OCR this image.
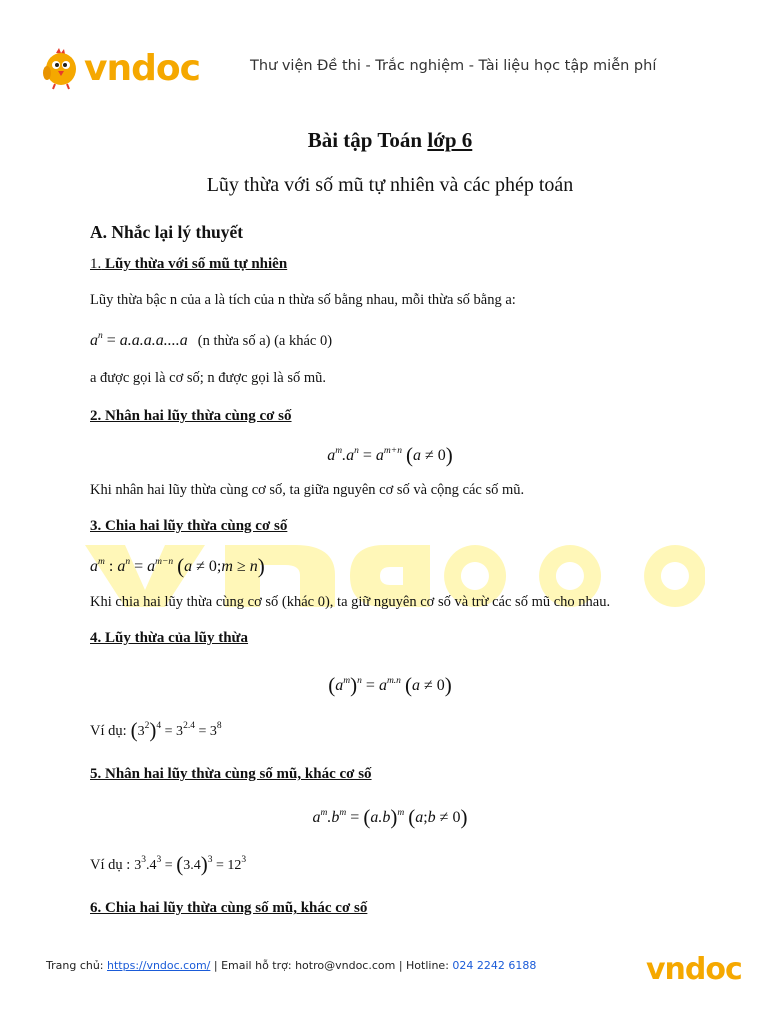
vndoc	Thư viện Đề thi - Trắc nghiệm - Tài liệu học tập miễn phí
Bài tập Toán lớp 6
Lũy thừa với số mũ tự nhiên và các phép toán
A. Nhắc lại lý thuyết
1. Lũy thừa với số mũ tự nhiên
Lũy thừa bậc n của a là tích của n thừa số bằng nhau, mỗi thừa số bằng a:
$a^n = a.a.a.a....a$ (n thừa số a) (a khác 0)
a được gọi là cơ số; n được gọi là số mũ.
2. Nhân hai lũy thừa cùng cơ số
$a^m.a^n = a^{m+n}$ (a ≠ 0)
Khi nhân hai lũy thừa cùng cơ số, ta giữa nguyên cơ số và cộng các số mũ.
3. Chia hai lũy thừa cùng cơ số
$a^m$ : $a^n = a^{m-n}$ (a ≠ 0;m ≥ n)
Khi chia hai lũy thừa cùng cơ số (khác 0), ta giữ nguyên cơ số và trừ các số mũ cho nhau.
4. Lũy thừa của lũy thừa
$(a^m)^n = a^{m.n}$ (a ≠ 0)
Ví dụ: $(3^2)^4 = 3^{2.4} = 3^8$
5. Nhân hai lũy thừa cùng số mũ, khác cơ số
$a^m.b^m = (a.b)^m$ (a;b ≠ 0)
Ví dụ : $3^3.4^3 = (3.4)^3 = 12^3$
6. Chia hai lũy thừa cùng số mũ, khác cơ số
Trang chủ: https://vndoc.com/ | Email hỗ trợ: hotro@vndoc.com | Hotline: 024 2242 6188	vndoc
